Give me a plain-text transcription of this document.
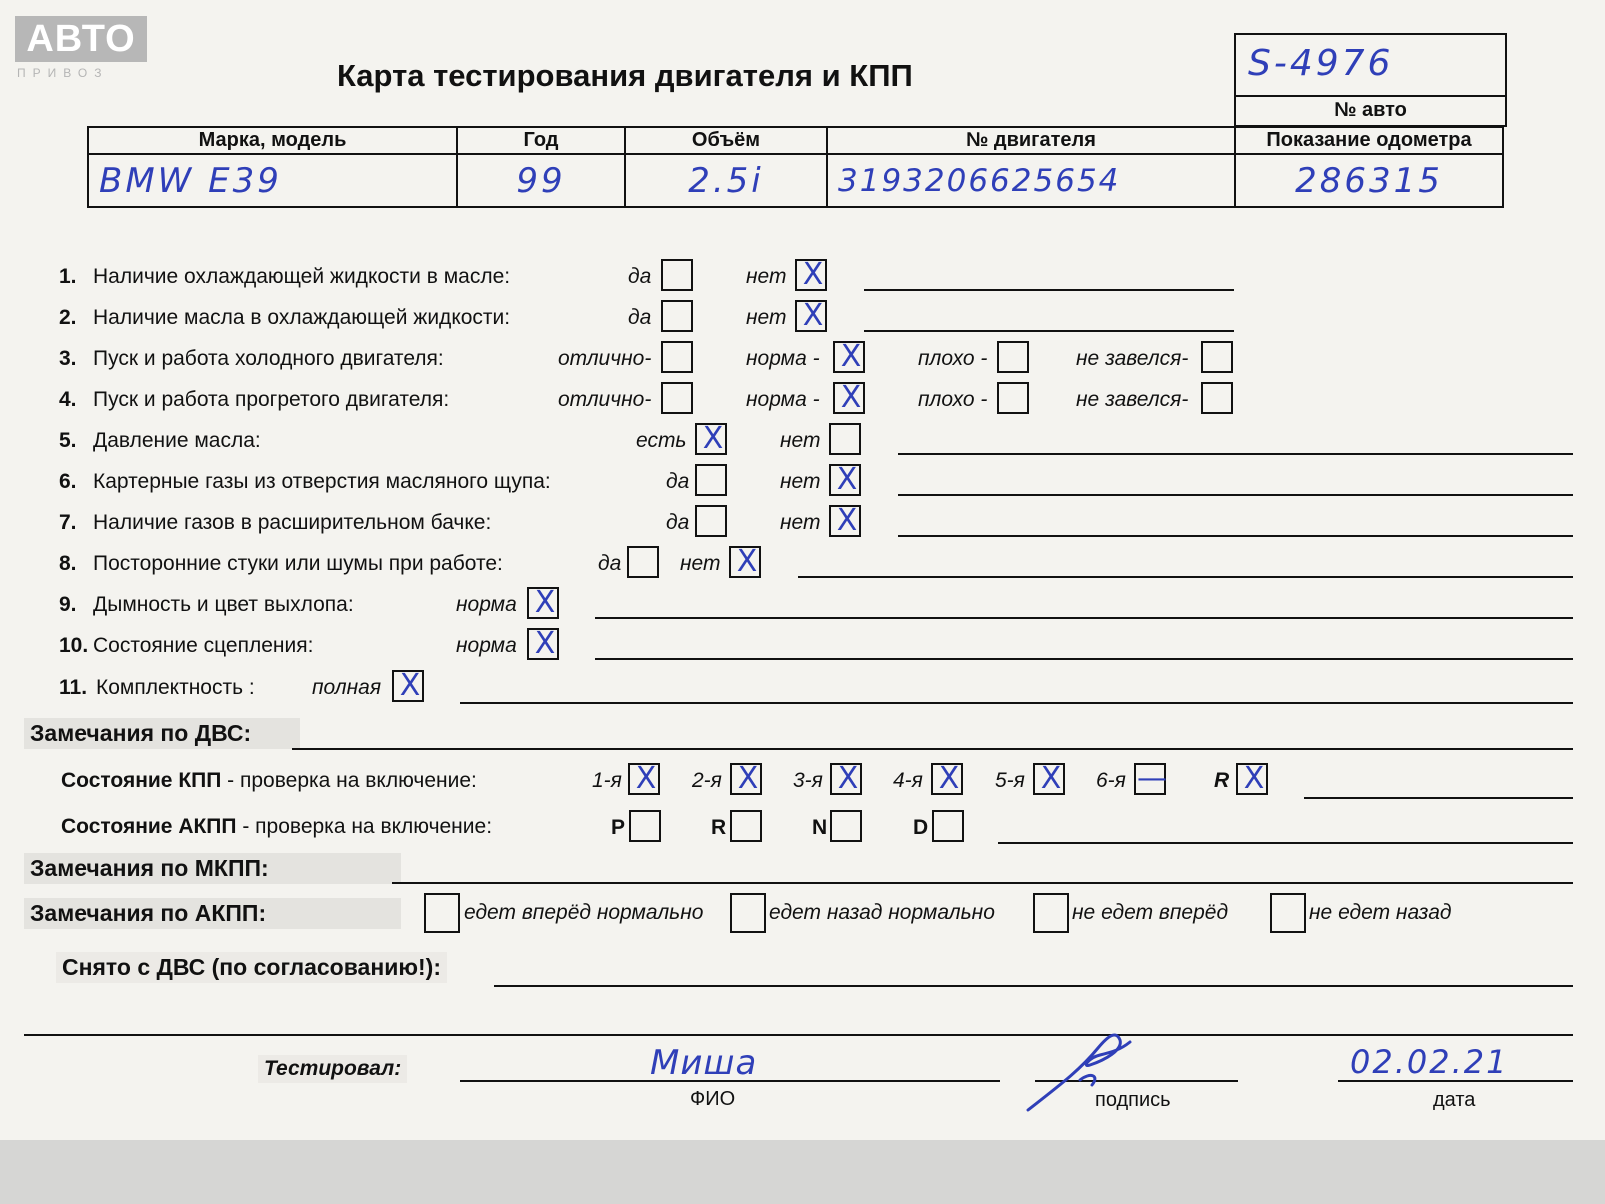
АВТО
ПРИВОЗ	Карта тестирования двигателя и КПП	S-4976
№ авто
Марка, модель	Год	Объём	№ двигателя	Показание одометра
BMW E39	99	2.5i	3193206625654	286315
1. Наличие охлаждающей жидкости в масле:	да	нет X
2. Наличие масла в охлаждающей жидкости:	да	нет X
3. Пуск и работа холодного двигателя:	отлично-	норма - X	плохо -	не завелся-
4. Пуск и работа прогретого двигателя:	отлично-	норма - X	плохо -	не завелся-
5. Давление масла:	есть X	нет
6. Картерные газы из отверстия масляного щупа:	да	нет X
7. Наличие газов в расширительном бачке:	да	нет X
8. Посторонние стуки или шумы при работе:	да	нет X
9. Дымность и цвет выхлопа:	норма X
10. Состояние сцепления:	норма X
11. Комплектность :	полная X
Замечания по ДВС:
Состояние КПП - проверка на включение:	1-я X 2-я X 3-я X 4-я X 5-я X 6-я — R X
Состояние АКПП - проверка на включение:	P	R	N	D
Замечания по МКПП:
Замечания по АКПП:	едет вперёд нормально	едет назад нормально	не едет вперёд	не едет назад
Снято с ДВС (по согласованию!):
Тестировал:	Миша
ФИО	подпись
02.02.21
дата
